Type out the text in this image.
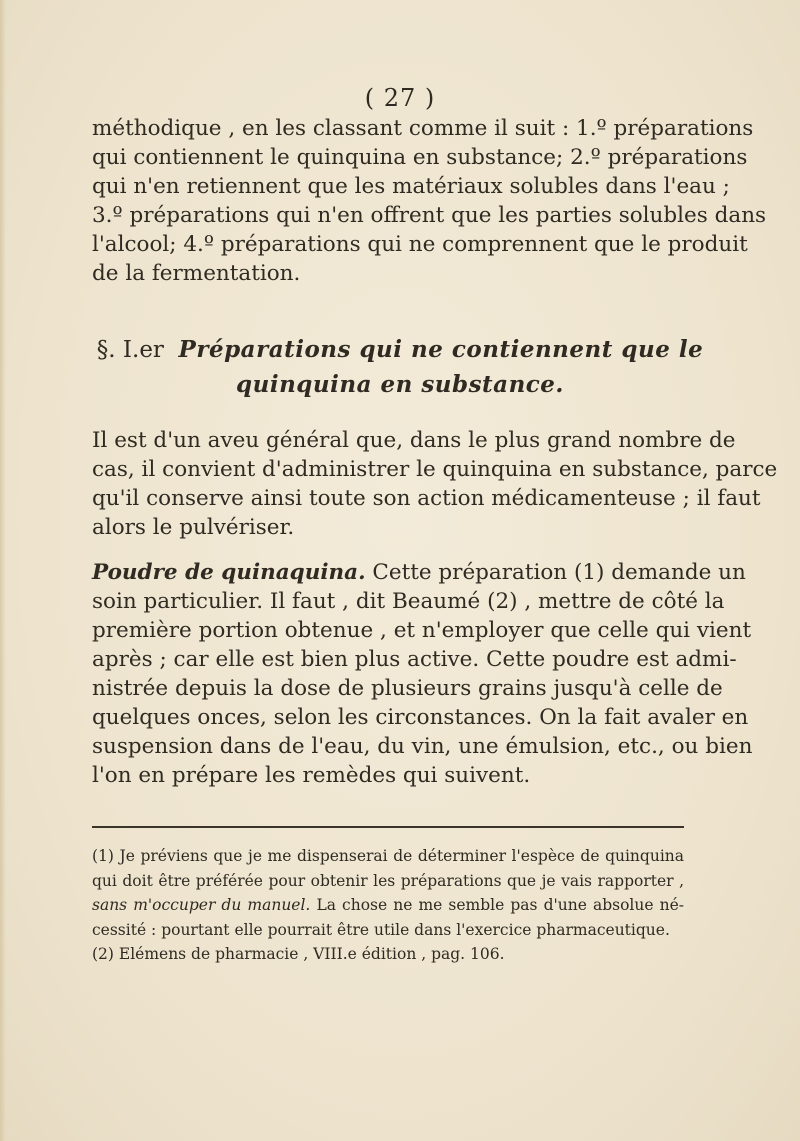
( 27 )
méthodique , en les classant comme il suit : 1.º préparations
qui contiennent le quinquina en substance; 2.º préparations
qui n'en retiennent que les matériaux solubles dans l'eau ;
3.º préparations qui n'en offrent que les parties solubles dans
l'alcool; 4.º préparations qui ne comprennent que le produit
de la fermentation.
§. I.er Préparations qui ne contiennent que le
quinquina en substance.
Il est d'un aveu général que, dans le plus grand nombre de
cas, il convient d'administrer le quinquina en substance, parce
qu'il conserve ainsi toute son action médicamenteuse ; il faut
alors le pulvériser.
Poudre de quinaquina. Cette préparation (1) demande un
soin particulier. Il faut , dit Beaumé (2) , mettre de côté la
première portion obtenue , et n'employer que celle qui vient
après ; car elle est bien plus active. Cette poudre est admi-
nistrée depuis la dose de plusieurs grains jusqu'à celle de
quelques onces, selon les circonstances. On la fait avaler en
suspension dans de l'eau, du vin, une émulsion, etc., ou bien
l'on en prépare les remèdes qui suivent.
(1) Je préviens que je me dispenserai de déterminer l'espèce de quinquina
qui doit être préférée pour obtenir les préparations que je vais rapporter ,
sans m'occuper du manuel. La chose ne me semble pas d'une absolue né-
cessité : pourtant elle pourrait être utile dans l'exercice pharmaceutique.
(2) Elémens de pharmacie , VIII.e édition , pag. 106.
